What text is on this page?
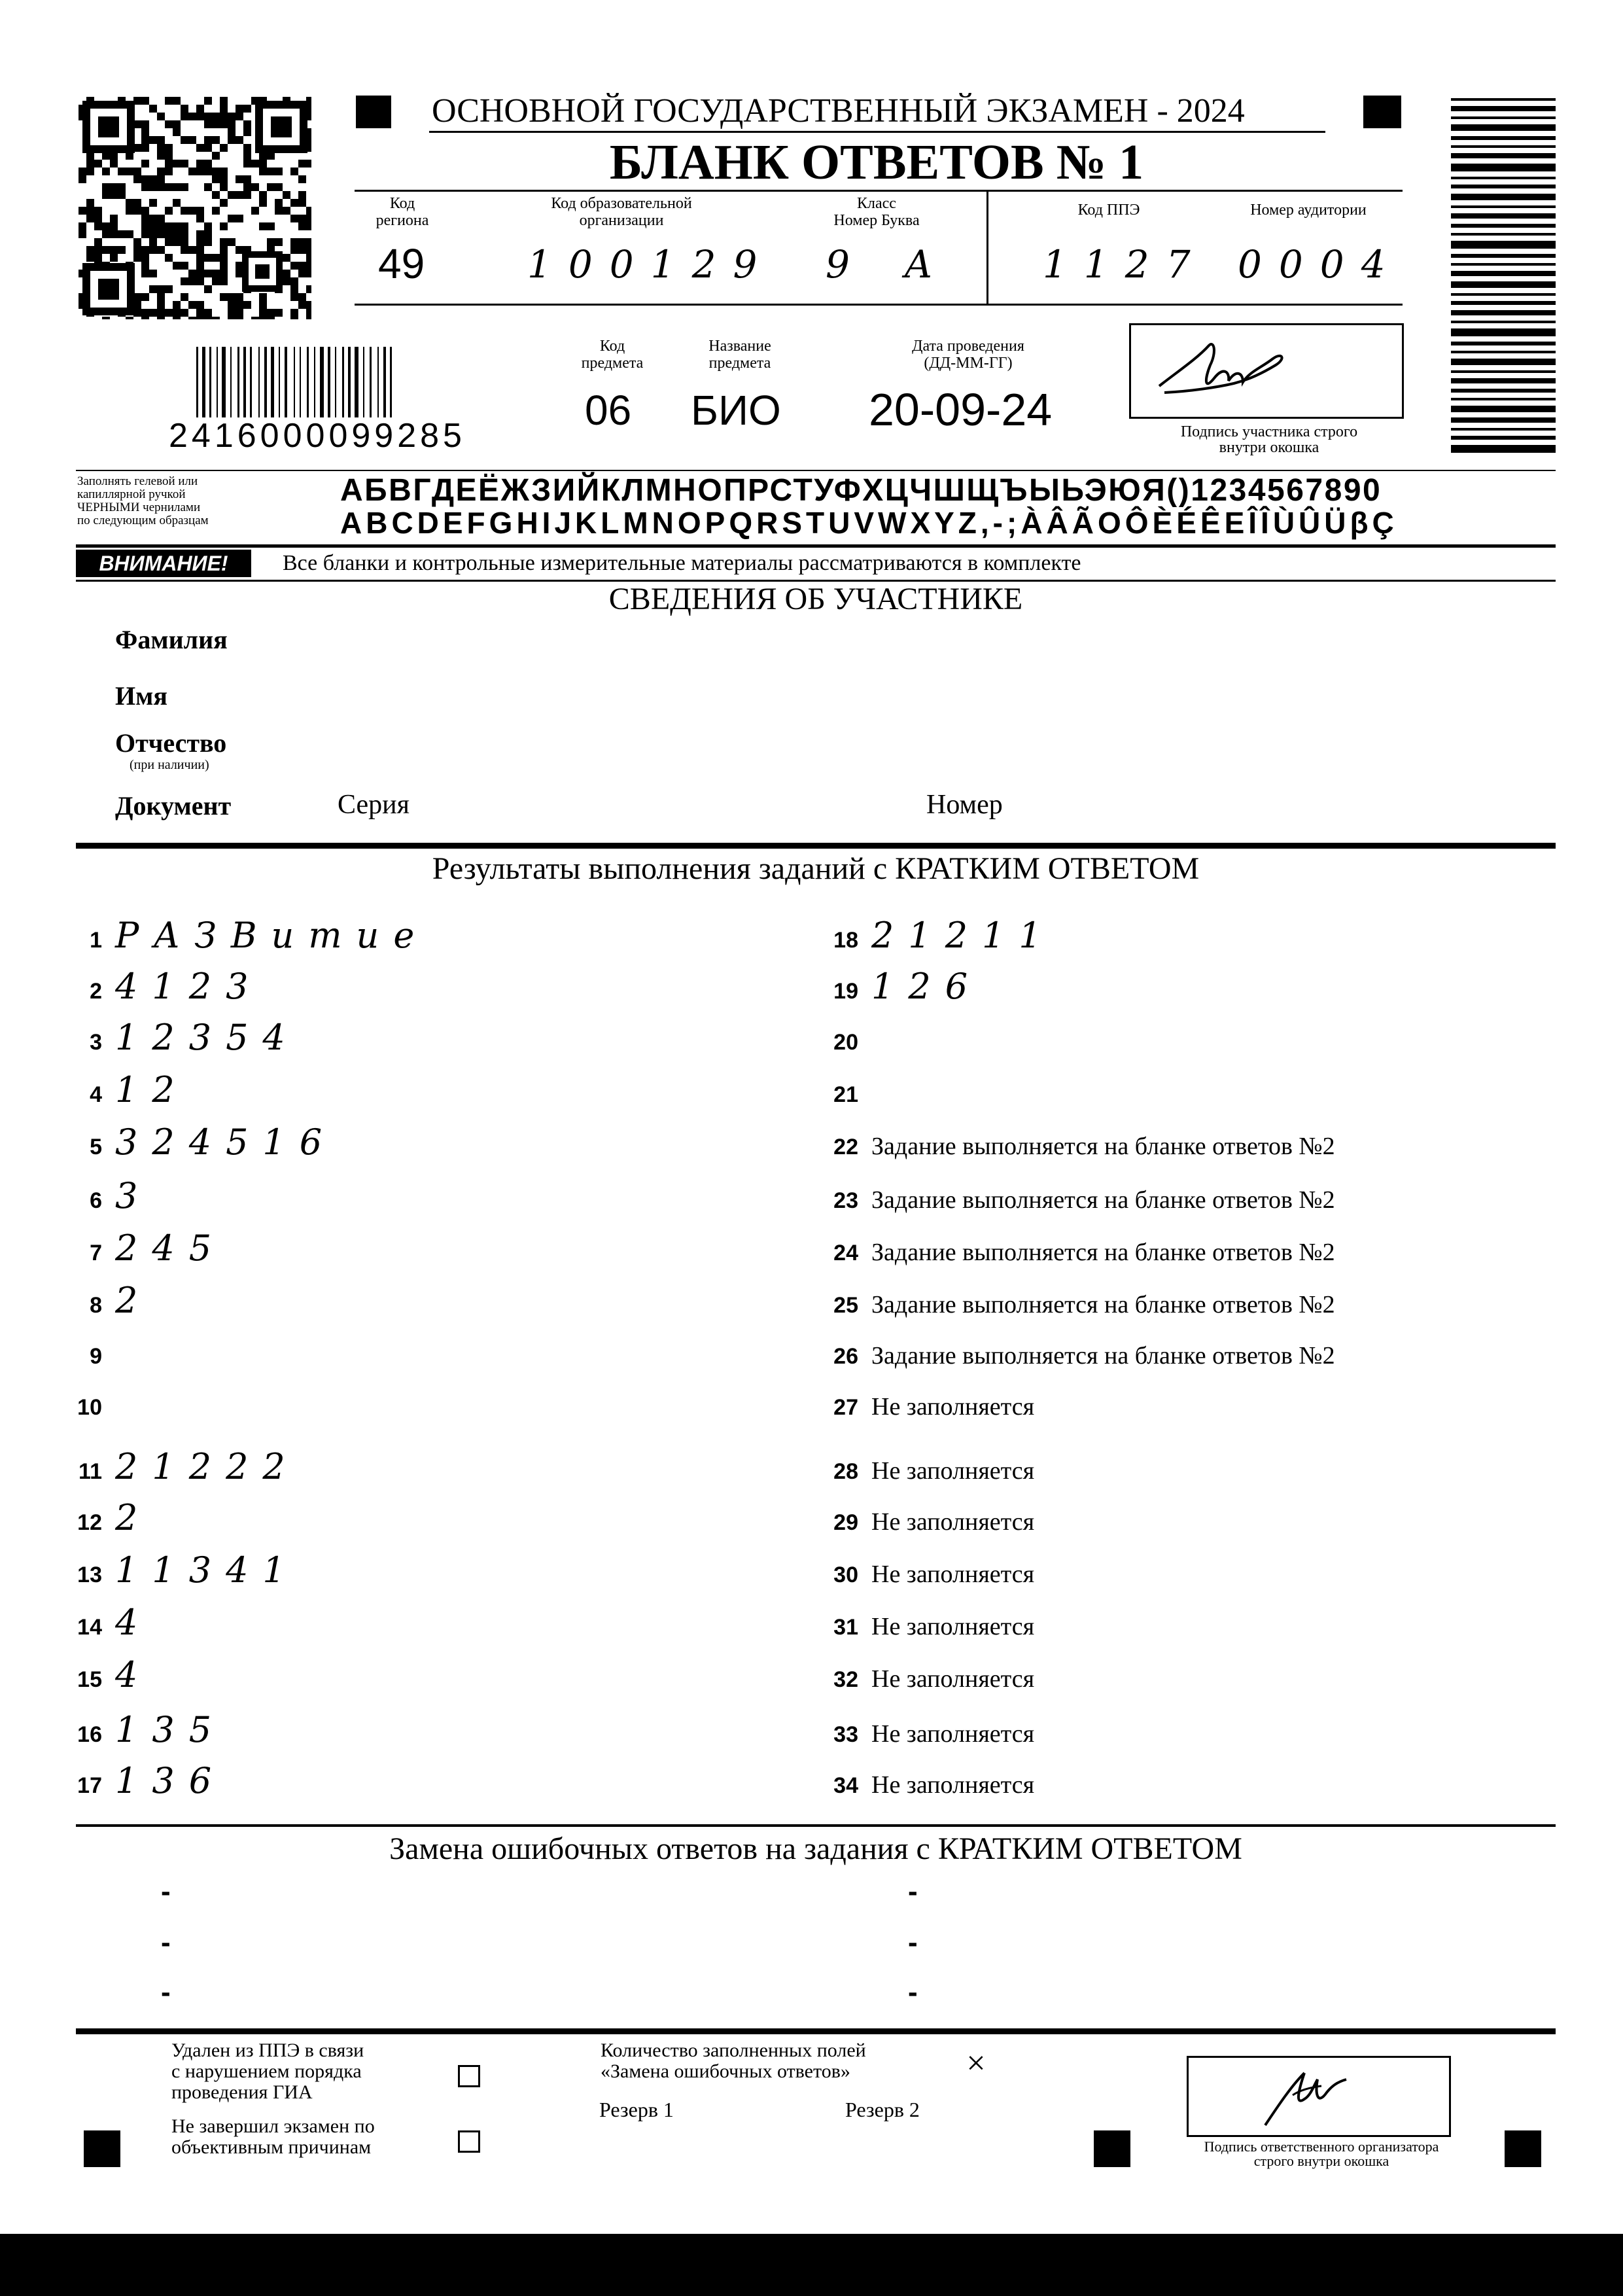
ОСНОВНОЙ ГОСУДАРСТВЕННЫЙ ЭКЗАМЕН - 2024
БЛАНК ОТВЕТОВ № 1
Код
региона
49
Код образовательной
организации
100129
Класс
Номер Буква
9 А
Код ППЭ
1127
Номер аудитории
0004
2416000099285
Код
предмета
06
Название
предмета
БИО
Дата проведения
(ДД-ММ-ГГ)
20-09-24	Подпись участника строго
внутри окошка
Заполнять гелевой или
капиллярной ручкой
ЧЕРНЫМИ чернилами
по следующим образцам
АБВГДЕЁЖЗИЙКЛМНОПРСТУФХЦЧШЩЪЫЬЭЮЯ()1234567890
ABCDEFGHIJKLMNOPQRSTUVWXYZ,-;ÀÂÃOÔÈÉÊEÎÎÙÛÜβÇ
ВНИМАНИЕ!	Все бланки и контрольные измерительные материалы рассматриваются в комплекте
СВЕДЕНИЯ ОБ УЧАСТНИКЕ
Фамилия
Имя
Отчество
(при наличии)
Документ	Серия	Номер
Результаты выполнения заданий с КРАТКИМ ОТВЕТОМ
1 РАЗВитие
2 4123
3 12354
4 12
5 324516
6 3
7 245
8 2
9
10
11 21222
12 2
13 11341
14 4
15 4
16 135
17 136
18 21211
19 126
20
21
22 Задание выполняется на бланке ответов №2
23 Задание выполняется на бланке ответов №2
24 Задание выполняется на бланке ответов №2
25 Задание выполняется на бланке ответов №2
26 Задание выполняется на бланке ответов №2
27 Не заполняется
28 Не заполняется
29 Не заполняется
30 Не заполняется
31 Не заполняется
32 Не заполняется
33 Не заполняется
34 Не заполняется
Замена ошибочных ответов на задания с КРАТКИМ ОТВЕТОМ
-
-
-
-
-
-
Удален из ППЭ в связи
с нарушением порядка
проведения ГИА
Не завершил экзамен по
объективным причинам
Количество заполненных полей
«Замена ошибочных ответов»	×
Резерв 1	Резерв 2
Подпись ответственного организатора
строго внутри окошка
